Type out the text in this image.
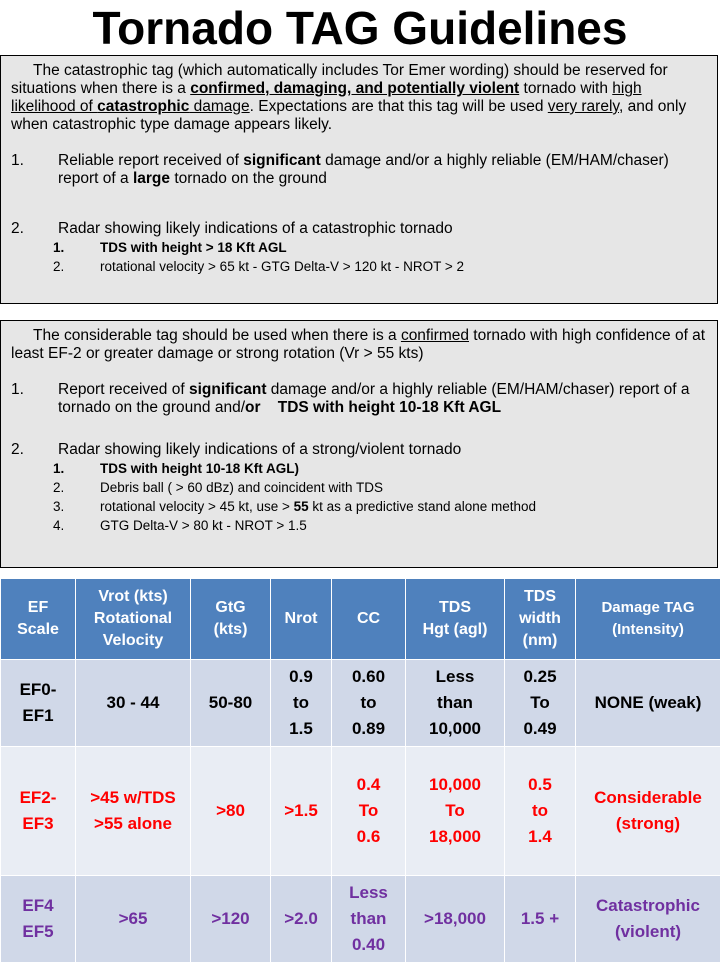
Tornado TAG Guidelines

The catastrophic tag (which automatically includes Tor Emer wording) should be reserved for situations when there is a confirmed, damaging, and potentially violent tornado with high likelihood of catastrophic damage. Expectations are that this tag will be used very rarely, and only when catastrophic type damage appears likely.

1. Reliable report received of significant damage and/or a highly reliable (EM/HAM/chaser) report of a large tornado on the ground

2. Radar showing likely indications of a catastrophic tornado

1.	TDS with height > 18 Kft AGL

2.	rotational velocity > 65 kt - GTG Delta-V > 120 kt - NROT > 2

The considerable tag should be used when there is a confirmed tornado with high confidence of at least EF-2 or greater damage or strong rotation (Vr > 55 kts)

1. Report received of significant damage and/or a highly reliable (EM/HAM/chaser) report of a tornado on the ground and/or    TDS with height 10-18 Kft AGL

2. Radar showing likely indications of a strong/violent tornado

1.	TDS with height 10-18 Kft AGL)

2.	Debris ball ( > 60 dBz) and coincident with TDS

3.	rotational velocity > 45 kt, use > 55 kt as a predictive stand alone method

4.	GTG Delta-V > 80 kt - NROT > 1.5

EF
Scale	Vrot (kts)
Rotational
Velocity	GtG
(kts)	Nrot	CC	TDS
Hgt (agl)	TDS
width
(nm)	Damage TAG
(Intensity)
EF0-
EF1	30 - 44	50-80	0.9
to
1.5	0.60
to
0.89	Less
than
10,000	0.25
To
0.49	NONE (weak)
EF2-
EF3	>45 w/TDS
>55 alone	>80	>1.5	0.4
To
0.6	10,000
To
18,000	0.5
to
1.4	Considerable
(strong)
EF4
EF5	>65	>120	>2.0	Less
than
0.40	>18,000	1.5 +	Catastrophic
(violent)
